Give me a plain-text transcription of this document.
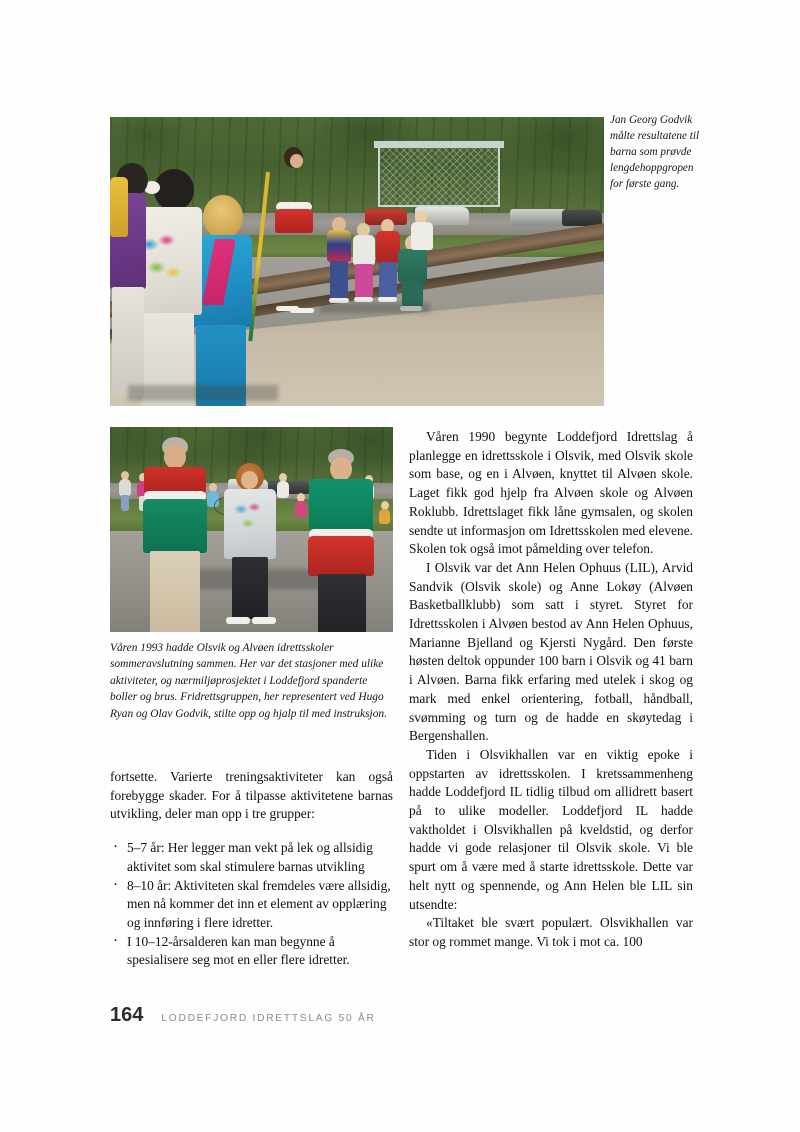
Jan Georg Godvik målte resultatene til barna som prøvde lengdehoppgropen for første gang.
Våren 1993 hadde Olsvik og Alvøen idrettsskoler sommeravslutning sammen. Her var det stasjoner med ulike aktiviteter, og nærmiljøprosjektet i Loddefjord spanderte boller og brus. Fridrettsgruppen, her representert ved Hugo Ryan og Olav Godvik, stilte opp og hjalp til med instruksjon.

fortsette. Varierte treningsaktiviteter kan også forebygge skader. For å tilpasse aktivitetene barnas utvikling, deler man opp i tre grupper:

· 5–7 år: Her legger man vekt på lek og allsidig aktivitet som skal stimulere barnas utvikling
· 8–10 år: Aktiviteten skal fremdeles være allsidig, men nå kommer det inn et element av opplæring og innføring i flere idretter.
· I 10–12-årsalderen kan man begynne å spesialisere seg mot en eller flere idretter.

Våren 1990 begynte Loddefjord Idrettslag å planlegge en idrettsskole i Olsvik, med Olsvik skole som base, og en i Alvøen, knyttet til Alvøen skole. Laget fikk god hjelp fra Alvøen skole og Alvøen Roklubb. Idrettslaget fikk låne gymsalen, og skolen sendte ut informasjon om Idrettsskolen med elevene. Skolen tok også imot påmelding over telefon.

I Olsvik var det Ann Helen Ophuus (LIL), Arvid Sandvik (Olsvik skole) og Anne Lokøy (Alvøen Basketballklubb) som satt i styret. Styret for Idrettsskolen i Alvøen bestod av Ann Helen Ophuus, Marianne Bjelland og Kjersti Nygård. Den første høsten deltok oppunder 100 barn i Olsvik og 41 barn i Alvøen. Barna fikk erfaring med utelek i skog og mark med enkel orientering, fotball, håndball, svømming og turn og de hadde en skøytedag i Bergenshallen.

Tiden i Olsvikhallen var en viktig epoke i oppstarten av idrettsskolen. I kretssammenheng hadde Loddefjord IL tidlig tilbud om allidrett basert på to ulike modeller. Loddefjord IL hadde vaktholdet i Olsvikhallen på kveldstid, og derfor hadde vi gode relasjoner til Olsvik skole. Vi ble spurt om å være med å starte idrettsskole. Dette var helt nytt og spennende, og Ann Helen ble LIL sin utsendte:

«Tiltaket ble svært populært. Olsvikhallen var stor og rommet mange. Vi tok i mot ca. 100

164 LODDEFJORD IDRETTSLAG 50 ÅR
